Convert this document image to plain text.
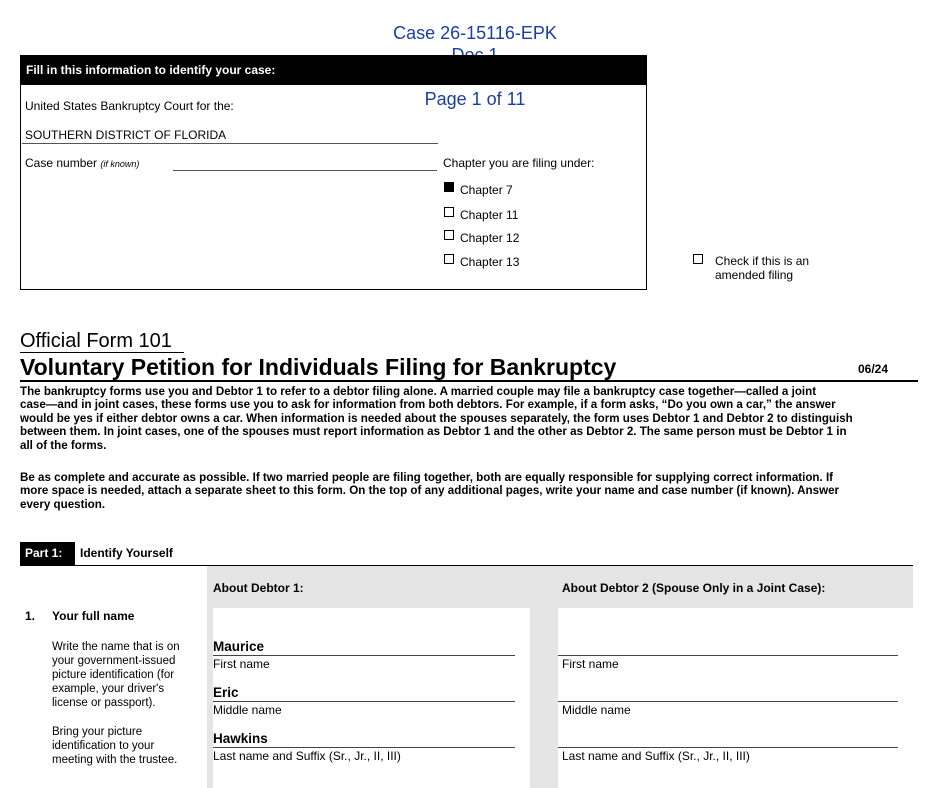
Case 26-15116-EPK

Page 1 of 11

Fill in this information to identify your case:
United States Bankruptcy Court for the:
SOUTHERN DISTRICT OF FLORIDA
Case number (if known)	Chapter you are filing under:
Chapter 7
Chapter 11
Chapter 12
Chapter 13	Check if this is an
amended filing
Official Form 101
Voluntary Petition for Individuals Filing for Bankruptcy	06/24
The bankruptcy forms use you and Debtor 1 to refer to a debtor filing alone. A married couple may file a bankruptcy case together—called a joint
case—and in joint cases, these forms use you to ask for information from both debtors. For example, if a form asks, “Do you own a car,” the answer
would be yes if either debtor owns a car. When information is needed about the spouses separately, the form uses Debtor 1 and Debtor 2 to distinguish
between them. In joint cases, one of the spouses must report information as Debtor 1 and the other as Debtor 2. The same person must be Debtor 1 in
all of the forms.
Be as complete and accurate as possible. If two married people are filing together, both are equally responsible for supplying correct information. If
more space is needed, attach a separate sheet to this form. On the top of any additional pages, write your name and case number (if known). Answer
every question.
Part 1:	Identify Yourself
About Debtor 1:	About Debtor 2 (Spouse Only in a Joint Case):
1. Your full name
Write the name that is on
your government-issued
picture identification (for
example, your driver's
license or passport).
Bring your picture
identification to your
meeting with the trustee.
Maurice
First name
Eric
Middle name
Hawkins
Last name and Suffix (Sr., Jr., II, III)
First name
Middle name
Last name and Suffix (Sr., Jr., II, III)
